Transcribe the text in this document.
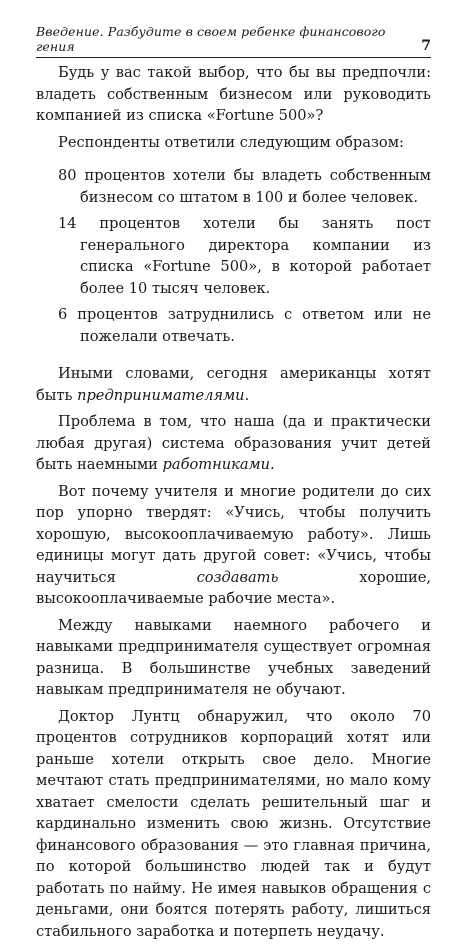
Введение. Разбудите в своем ребенке финансового гения	7

Будь у вас такой выбор, что бы вы предпочли: владеть собственным бизнесом или руководить компанией из списка «Fortune 500»?

Респонденты ответили следующим образом:

80 процентов хотели бы владеть собственным бизнесом со штатом в 100 и более человек.
14 процентов хотели бы занять пост генерального директора компании из списка «Fortune 500», в которой работает более 10 тысяч человек.
6 процентов затруднились с ответом или не пожелали отвечать.

Иными словами, сегодня американцы хотят быть предпринимателями.

Проблема в том, что наша (да и практически любая другая) система образования учит детей быть наемными работниками.

Вот почему учителя и многие родители до сих пор упорно твердят: «Учись, чтобы получить хорошую, высокооплачиваемую работу». Лишь единицы могут дать другой совет: «Учись, чтобы научиться создавать хорошие, высокооплачиваемые рабочие места».

Между навыками наемного рабочего и навыками предпринимателя существует огромная разница. В большинстве учебных заведений навыкам предпринимателя не обучают.

Доктор Лунтц обнаружил, что около 70 процентов сотрудников корпораций хотят или раньше хотели открыть свое дело. Многие мечтают стать предпринимателями, но мало кому хватает смелости сделать решительный шаг и кардинально изменить свою жизнь. Отсутствие финансового образования — это главная причина, по которой большинство людей так и будут работать по найму. Не имея навыков обращения с деньгами, они боятся потерять работу, лишиться стабильного заработка и потерпеть неудачу.
